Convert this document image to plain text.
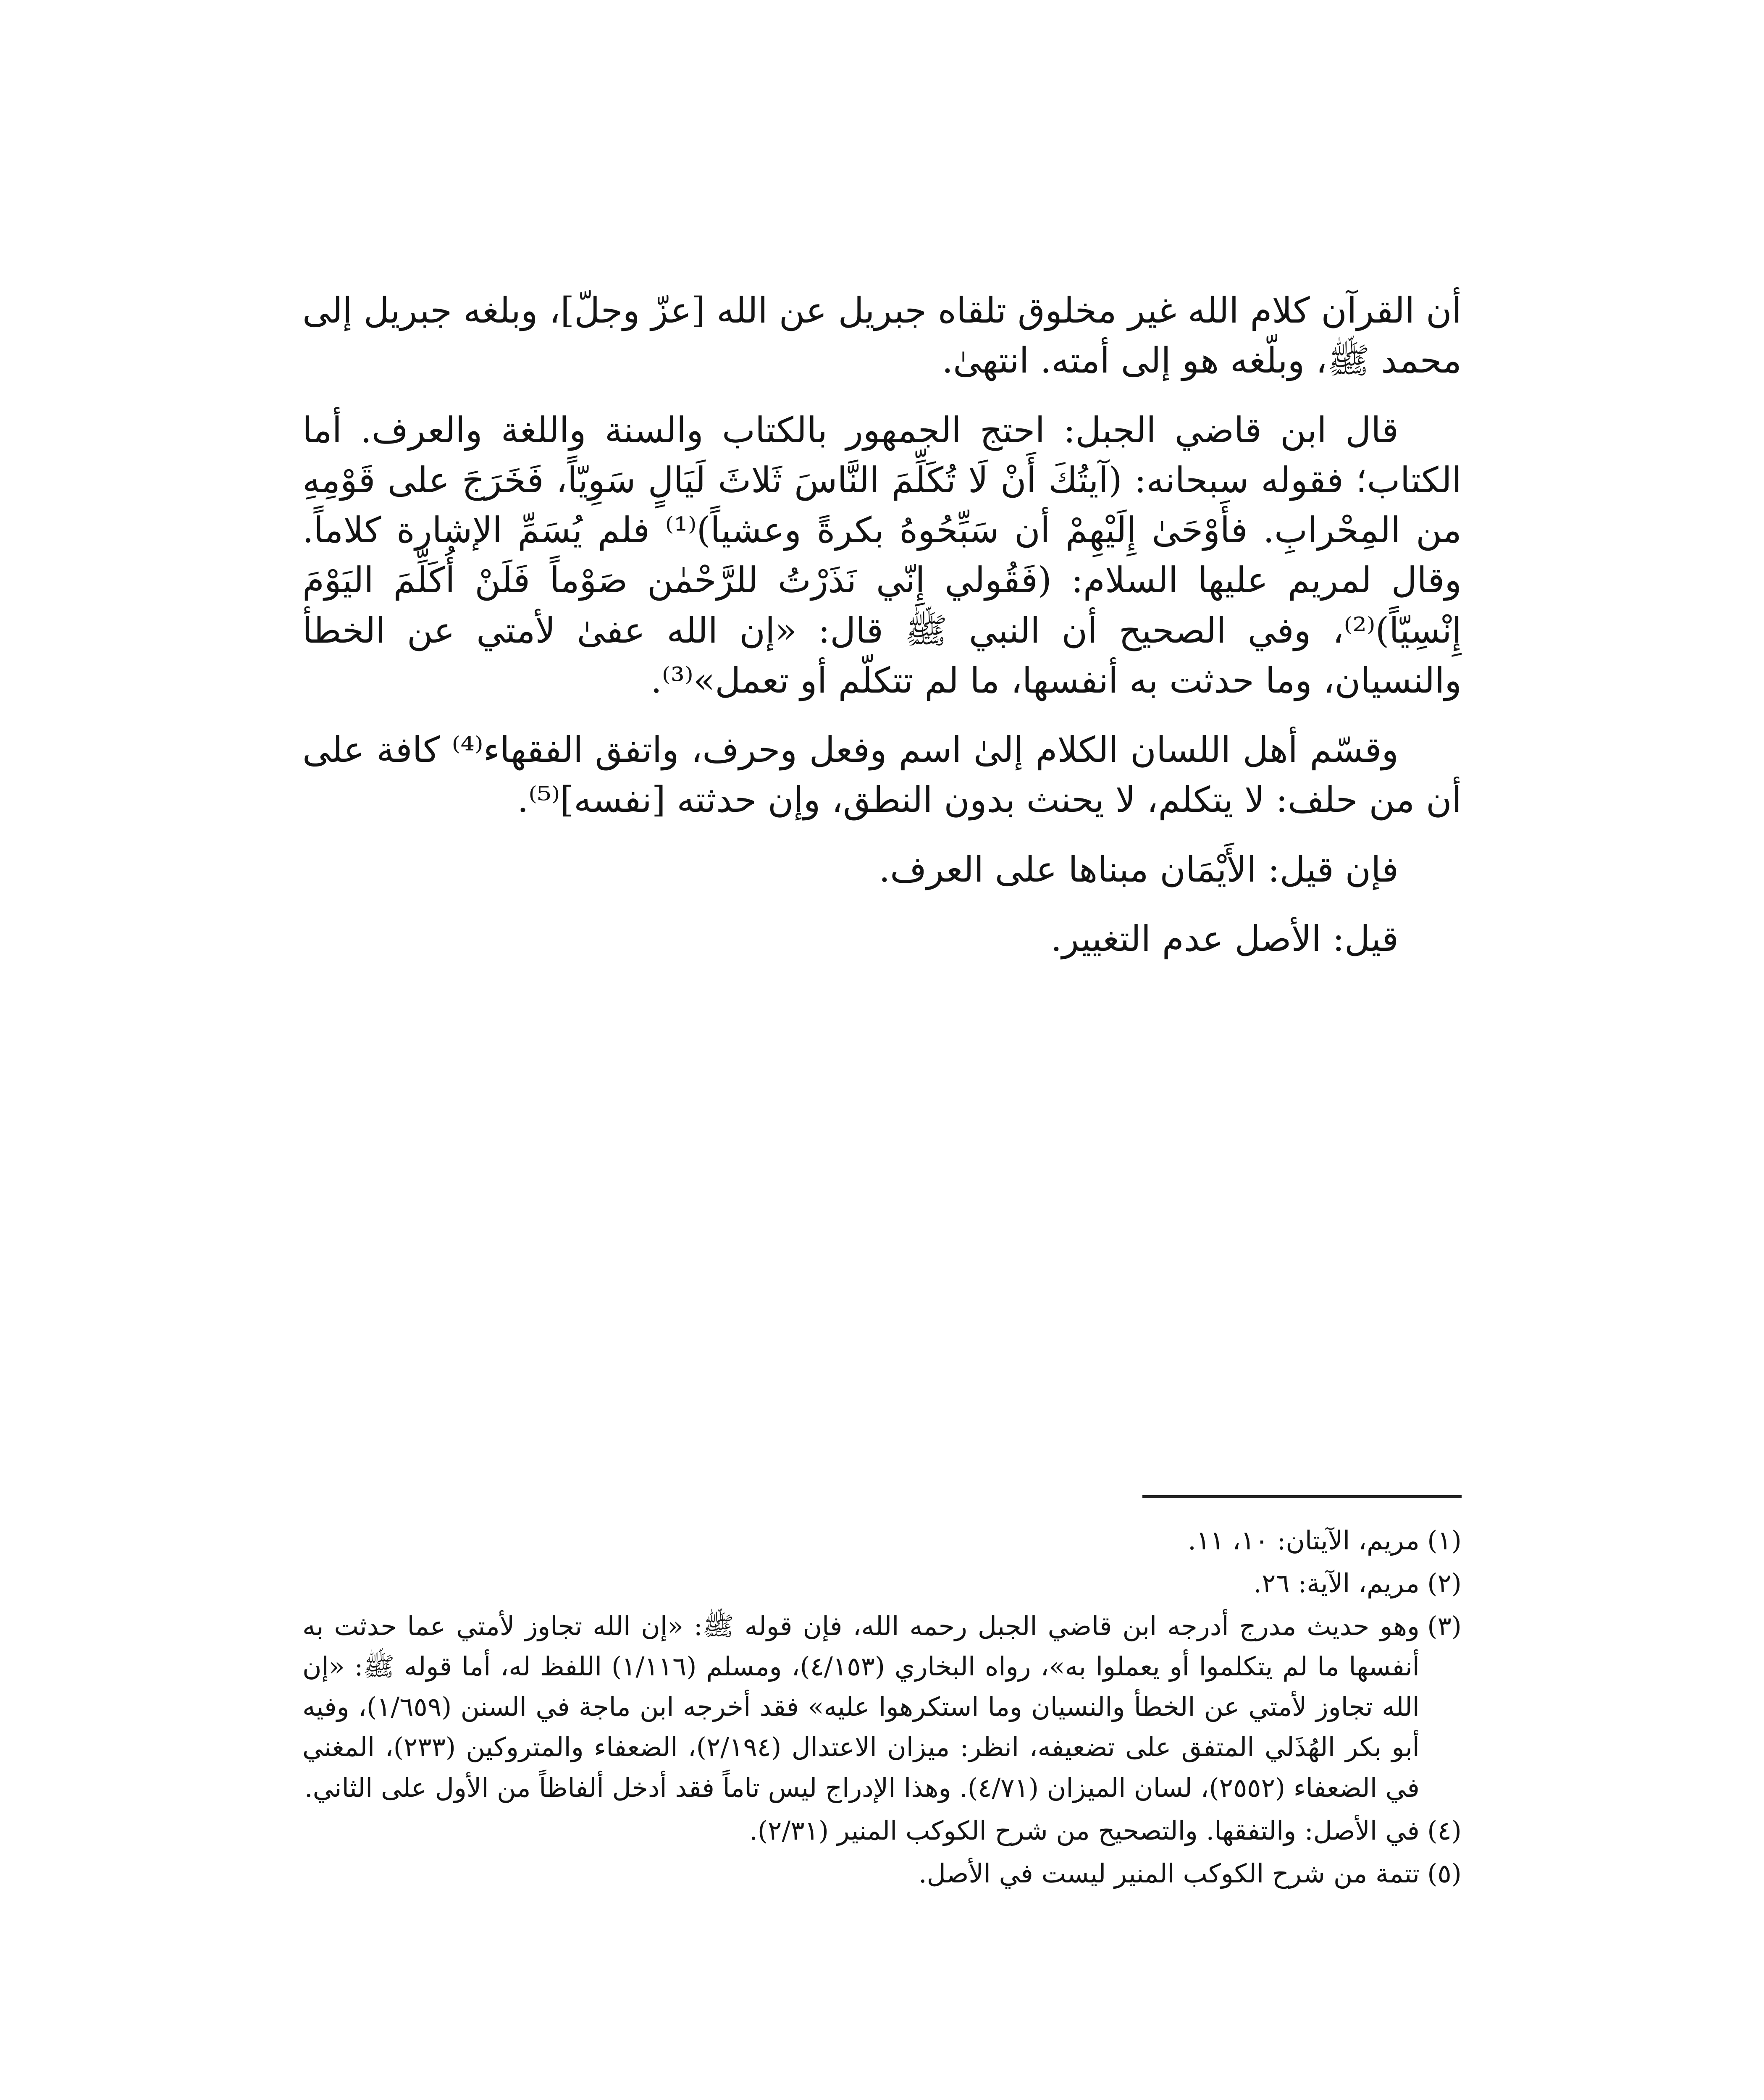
أن القرآن كلام الله غير مخلوق تلقاه جبريل عن الله [عزّ وجلّ]، وبلغه جبريل إلى محمد ﷺ، وبلّغه هو إلى أمته. انتهىٰ.

قال ابن قاضي الجبل: احتج الجمهور بالكتاب والسنة واللغة والعرف. أما الكتاب؛ فقوله سبحانه: (آيتُكَ أَنْ لَا تُكَلِّمَ النَّاسَ ثَلاثَ لَيَالٍ سَوِيّاً، فَخَرَجَ على قَوْمِهِ من المِحْرابِ. فأَوْحَىٰ إِلَيْهِمْ أن سَبِّحُوهُ بكرةً وعشياً)⁽¹⁾ فلم يُسَمِّ الإشارة كلاماً. وقال لمريم عليها السلام: (فَقُولي إِنّي نَذَرْتُ للرَّحْمٰن صَوْماً فَلَنْ أُكَلِّمَ اليَوْمَ إِنْسِيّاً)⁽²⁾، وفي الصحيح أن النبي ﷺ قال: «إن الله عفىٰ لأمتي عن الخطأ والنسيان، وما حدثت به أنفسها، ما لم تتكلّم أو تعمل»⁽³⁾.

وقسّم أهل اللسان الكلام إلىٰ اسم وفعل وحرف، واتفق الفقهاء⁽⁴⁾ كافة على أن من حلف: لا يتكلم، لا يحنث بدون النطق، وإن حدثته [نفسه]⁽⁵⁾.

فإن قيل: الأَيْمَان مبناها على العرف.

قيل: الأصل عدم التغيير.

(١)
مريم، الآيتان: ١٠، ١١.

(٢)
مريم، الآية: ٢٦.

(٣)
وهو حديث مدرج أدرجه ابن قاضي الجبل رحمه الله، فإن قوله ﷺ: «إن الله تجاوز لأمتي عما حدثت به أنفسها ما لم يتكلموا أو يعملوا به»، رواه البخاري (٤/١٥٣)، ومسلم (١/١١٦) اللفظ له، أما قوله ﷺ: «إن الله تجاوز لأمتي عن الخطأ والنسيان وما استكرهوا عليه» فقد أخرجه ابن ماجة في السنن (١/٦٥٩)، وفيه أبو بكر الهُذَلي المتفق على تضعيفه، انظر: ميزان الاعتدال (٢/١٩٤)، الضعفاء والمتروكين (٢٣٣)، المغني في الضعفاء (٢٥٥٢)، لسان الميزان (٤/٧١). وهذا الإدراج ليس تاماً فقد أدخل ألفاظاً من الأول على الثاني.

(٤)
في الأصل: والتفقها. والتصحيح من شرح الكوكب المنير (٢/٣١).

(٥)
تتمة من شرح الكوكب المنير ليست في الأصل.
